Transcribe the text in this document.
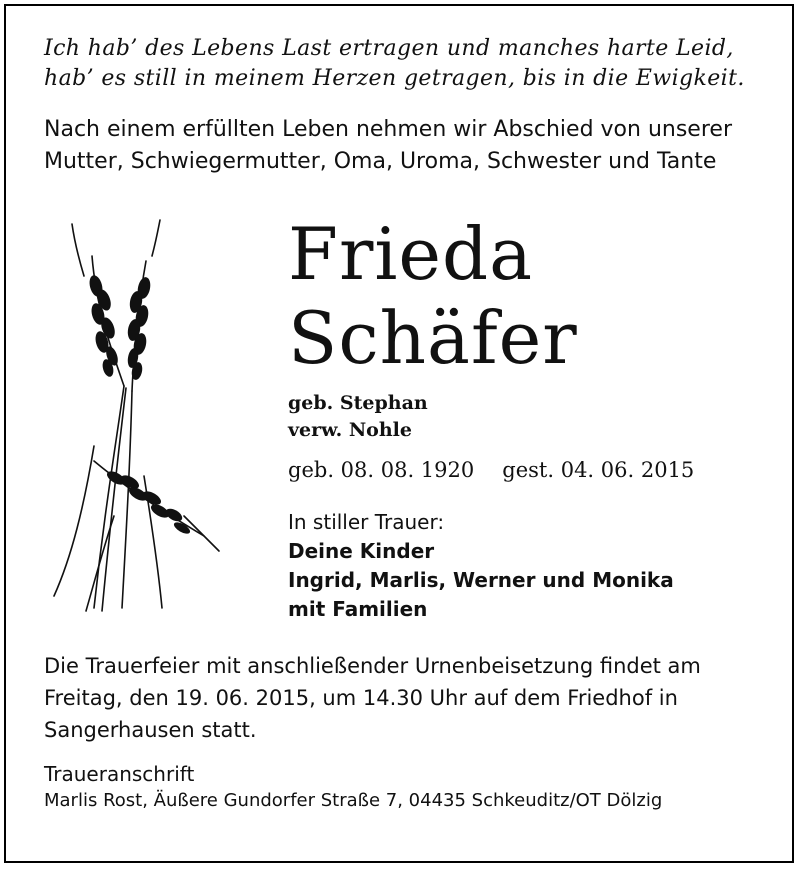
Ich hab’ des Lebens Last ertragen und manches harte Leid,
hab’ es still in meinem Herzen getragen, bis in die Ewigkeit.
Nach einem erfüllten Leben nehmen wir Abschied von unserer
Mutter, Schwiegermutter, Oma, Uroma, Schwester und Tante
Frieda
Schäfer
geb. Stephan
verw. Nohle
geb. 08. 08. 1920 gest. 04. 06. 2015
In stiller Trauer:
Deine Kinder
Ingrid, Marlis, Werner und Monika
mit Familien
Die Trauerfeier mit anschließender Urnenbeisetzung findet am
Freitag, den 19. 06. 2015, um 14.30 Uhr auf dem Friedhof in
Sangerhausen statt.
Traueranschrift
Marlis Rost, Äußere Gundorfer Straße 7, 04435 Schkeuditz/OT Dölzig
